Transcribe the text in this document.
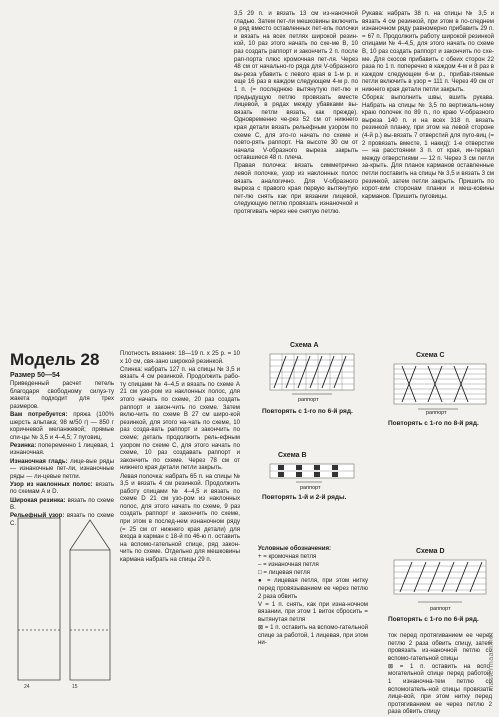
3,5 29 п. и вязать 13 см из-наночной гладью. Затем пет-ли мешковины включить в ряд вместо оставленных пет-ель полочки и вязать на всех петлях широкой резин-кой, 10 раз этого начать по схе-ме В, 10 раз создать раппорт и закончить 2 п. после рап-порта плюс кромочная пет-ля. Через 48 см от начально-го ряда для V-образного вы-реза убавить с левого края в 1-м р. и еще 16 раз в каждом следующем 4-м р. по 1 п. (= последнюю вытянутую пет-лю и предыдущую петлю провязать вместе лицевой, в рядах между убавками вы-вязать петли вязать, как прежде). Одновременно че-рез 52 см от нижнего края детали вязать рельефным узором по схеме С, для это-го начать по схеме и повто-рять раппорт. На высоте 30 см от начала V-образного выреза закрыть оставшиеся 48 п. плечa.

Правая полочка: вязать симметрично левой полочке, узор из наклонных полос вязать аналогично. Для V-образного выреза с правого края первую вытянутую пет-лю снять как при вязании лицевой, следующую петлю провязать изнаночной и протягивать через нее снятую петлю.

Рукава: набрать 38 п. на спицы № 3,5 и вязать 4 см резинкой, при этом в по-следнем изнаночном ряду равномерно прибавить 29 п. = 67 п. Продолжить работу широкой резинкой спицами № 4–4,5, для этого начать по схеме В, 10 раз создать раппорт и закончить по схе-ме. Для скосов прибавить с обеих сторон 22 раза по 1 п. поперечно в каждом 4-м и 8 раз в каждом следующем 6-м р., прибав-ляемые петли включить в узор = 111 п. Через 49 см от нижнего края детали петли закрыть.

Сборка: выполнить швы, вшить рукава. Набрать на спицы № 3,5 по вертикаль-ному краю полочек по 89 п., по краю V-образного выреза 140 п. и на всех 318 п. вязать резинкой планку, при этом на левой стороне (4-й р.) вы-вязать 7 отверстий для пуго-виц (= 2 провязать вместе, 1 накид): 1-е отверстие — на расстоянии 3 п. от края, ин-тервал между отверстиями — 12 п. Через 3 см петли за-крыть. Для планок карманов оставленные петли поставить на спицы № 3,5 и вязать 3 см резинкой, затем петли закрыть. Пришить по корот-ким сторонам планки и меш-ковины карманов. Пришить пуговицы.

Модель 28

Размер 50—54

Приведенный расчет петель благодаря свободному силуэ-ту жакета подходит для трех размеров.

Вам потребуется: пряжа (100% шерсть альпака; 98 м/50 г) — 850 г коричневой меланжевой; прямые спи-цы № 3,5 и 4–4,5; 7 пуговиц.

Резинка: попеременно 1 лицевая, 1 изнаночная.

Изнаночная гладь: лице-вые ряды — изнаночные пет-ли, изнаночные ряды — ли-цевые петли.

Узор из наклонных полос: вязать по схемам А и D.

Широкая резинка: вязать по схеме В.

Рельефный узор: вязать по схеме С.

24	15

Плотность вязания: 18—19 п. х 25 р. = 10 х 10 см, свя-зано широкой резинкой.

Спинка: набрать 127 п. на спицы № 3,5 и вязать 4 см резинкой. Продолжить рабо-ту спицами № 4–4,5 и вязать по схеме А 21 см узо-ром из наклонных полос, для этого начать по схеме, 20 раз создать раппорт и закон-чить по схеме. Затем вклю-чить по схеме В 27 см широ-кой резинкой, для этого на-чать по схеме, 10 раз созда-вать раппорт и закончить по схеме; деталь продолжить рель-ефным узором по схеме С, для этого начать по схеме, 10 раз создавать раппорт и закончить по схеме. Через 78 см от нижнего края детали петли закрыть.

Левая полочка: набрать 65 п. на спицы № 3,5 и вязать 4 см резинкой. Продолжить работу спицами № 4–4,5 и вязать по схеме D 21 см узо-ром из наклонных полос, для этого начать по схеме, 9 раз создать раппорт и закончить по схеме, при этом в послед-нем изнаночном ряду (= 25 см от нижнего края детали) для входа в карман с 18-й по 46-ю п. оставить на вспомо-гательной спице, ряд закон-чить по схеме. Отдельно для мешковины кармана набрать на спицы 29 п.

Схема А
раппорт
Повторять с 1-го по 6-й ряд.
Схема В
раппорт
Повторять 1-й и 2-й ряды.
Схема С
раппорт
Повторять с 1-го по 8-й ряд.
Схема D
раппорт
Повторять с 1-го по 6-й ряд.

Условные обозначения:

+ = кромочная петля

– = изнаночная петля

□ = лицевая петля

● = лицевая петля, при этом нитку перед провязыванием ее через петлю 2 раза обвить

V = 1 п. снять, как при изна-ночном вязании, при этом 1 виток сбросить = вытянутая петля

⊠ = 1 п. оставить на вспомо-гательной спице за работой, 1 лицевая, при этом ни-

ток перед протягиванием ее через петлю 2 раза обвить спицу, затем провязать из-наночной петлю со вспомо-гательной спицы

⊠ = 1 п. оставить на вспо-могательной спице перед работой, 1 изнаночна-тем петлю со вспомогатель-ной спицы провязать лице-вой, при этом нитку перед протягиванием ее через петлю 2 раза обвить спицу

mastermaam.net
